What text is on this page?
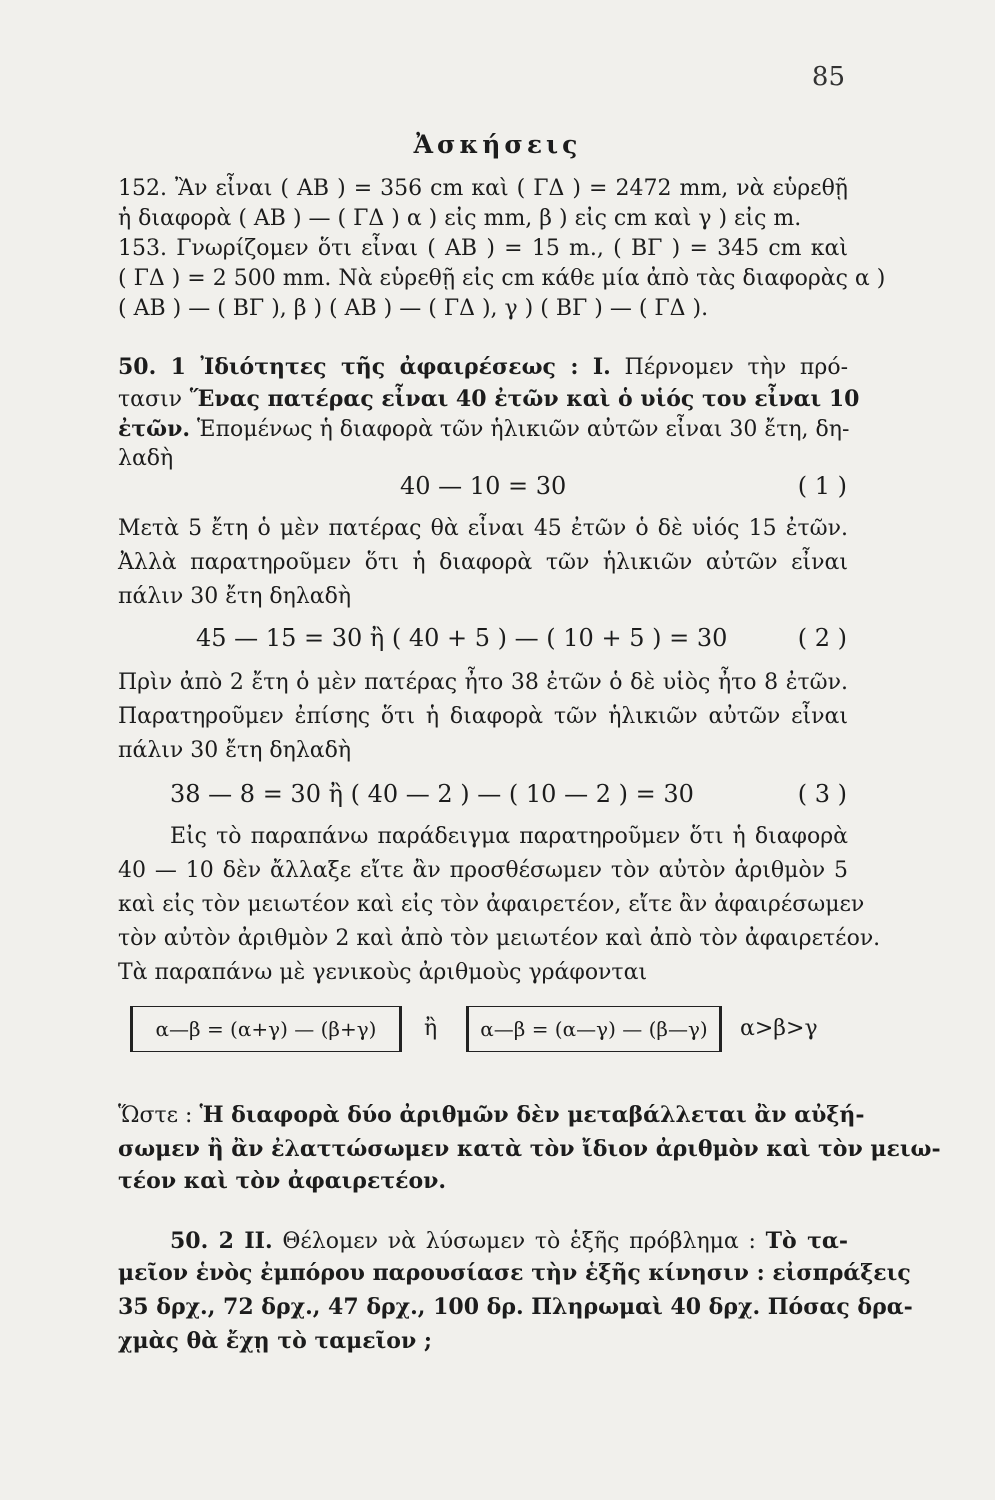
85
Ἀσκήσεις
152. Ἂν εἶναι ( ΑΒ ) = 356 cm καὶ ( ΓΔ ) = 2472 mm, νὰ εὑρεθῇ
ἡ διαφορὰ ( ΑΒ ) — ( ΓΔ ) α ) εἰς mm, β ) εἰς cm καὶ γ ) εἰς m.
153. Γνωρίζομεν ὅτι εἶναι ( ΑΒ ) = 15 m., ( ΒΓ ) = 345 cm καὶ
( ΓΔ ) = 2 500 mm. Νὰ εὑρεθῇ εἰς cm κάθε μία ἀπὸ τὰς διαφορὰς α )
( ΑΒ ) — ( ΒΓ ), β ) ( ΑΒ ) — ( ΓΔ ), γ ) ( ΒΓ ) — ( ΓΔ ).
50. 1 Ἰδιότητες τῆς ἀφαιρέσεως : Ι. Πέρνομεν τὴν πρό-
τασιν Ἕνας πατέρας εἶναι 40 ἐτῶν καὶ ὁ υἱός του εἶναι 10
ἐτῶν. Ἑπομένως ἡ διαφορὰ τῶν ἡλικιῶν αὐτῶν εἶναι 30 ἔτη, δη-
λαδὴ
40 — 10 = 30	( 1 )
Μετὰ 5 ἔτη ὁ μὲν πατέρας θὰ εἶναι 45 ἐτῶν ὁ δὲ υἱός 15 ἐτῶν.
Ἀλλὰ παρατηροῦμεν ὅτι ἡ διαφορὰ τῶν ἡλικιῶν αὐτῶν εἶναι
πάλιν 30 ἔτη δηλαδὴ
45 — 15 = 30 ἢ ( 40 + 5 ) — ( 10 + 5 ) = 30	( 2 )
Πρὶν ἀπὸ 2 ἔτη ὁ μὲν πατέρας ἦτο 38 ἐτῶν ὁ δὲ υἱὸς ἦτο 8 ἐτῶν.
Παρατηροῦμεν ἐπίσης ὅτι ἡ διαφορὰ τῶν ἡλικιῶν αὐτῶν εἶναι
πάλιν 30 ἔτη δηλαδὴ
38 — 8 = 30 ἢ ( 40 — 2 ) — ( 10 — 2 ) = 30	( 3 )
Εἰς τὸ παραπάνω παράδειγμα παρατηροῦμεν ὅτι ἡ διαφορὰ
40 — 10 δὲν ἄλλαξε εἴτε ἂν προσθέσωμεν τὸν αὐτὸν ἀριθμὸν 5
καὶ εἰς τὸν μειωτέον καὶ εἰς τὸν ἀφαιρετέον, εἴτε ἂν ἀφαιρέσωμεν
τὸν αὐτὸν ἀριθμὸν 2 καὶ ἀπὸ τὸν μειωτέον καὶ ἀπὸ τὸν ἀφαιρετέον.
Τὰ παραπάνω μὲ γενικοὺς ἀριθμοὺς γράφονται
α—β = (α+γ) — (β+γ)	ἢ	α—β = (α—γ) — (β—γ)	α>β>γ
Ὥστε : Ἡ διαφορὰ δύο ἀριθμῶν δὲν μεταβάλλεται ἂν αὐξή-
σωμεν ἢ ἂν ἐλαττώσωμεν κατὰ τὸν ἴδιον ἀριθμὸν καὶ τὸν μειω-
τέον καὶ τὸν ἀφαιρετέον.
50. 2 ΙΙ. Θέλομεν νὰ λύσωμεν τὸ ἑξῆς πρόβλημα : Τὸ τα-
μεῖον ἑνὸς ἐμπόρου παρουσίασε τὴν ἑξῆς κίνησιν : εἰσπράξεις
35 δρχ., 72 δρχ., 47 δρχ., 100 δρ. Πληρωμαὶ 40 δρχ. Πόσας δρα-
χμὰς θὰ ἔχῃ τὸ ταμεῖον ;
